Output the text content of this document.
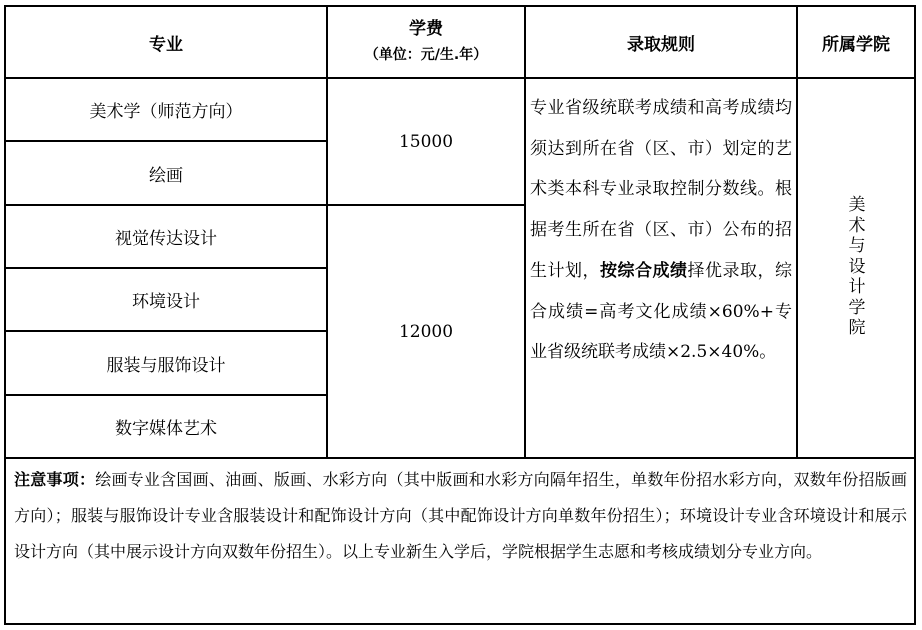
专业
学费
（单位：元/生.年）
录取规则	所属学院
美术学（师范方向）
绘画
视觉传达设计
环境设计
服装与服饰设计
数字媒体艺术
15000
12000
专业省级统联考成绩和高考成绩均须达到所在省（区、市）划定的艺术类本科专业录取控制分数线。根据考生所在省（区、市）公布的招生计划，按综合成绩择优录取，综合成绩=高考文化成绩×60%+专业省级统联考成绩×2.5×40%。
美术与设计学院
注意事项：绘画专业含国画、油画、版画、水彩方向（其中版画和水彩方向隔年招生，单数年份招水彩方向，双数年份招版画方向）；服装与服饰设计专业含服装设计和配饰设计方向（其中配饰设计方向单数年份招生）；环境设计专业含环境设计和展示设计方向（其中展示设计方向双数年份招生）。以上专业新生入学后，学院根据学生志愿和考核成绩划分专业方向。
